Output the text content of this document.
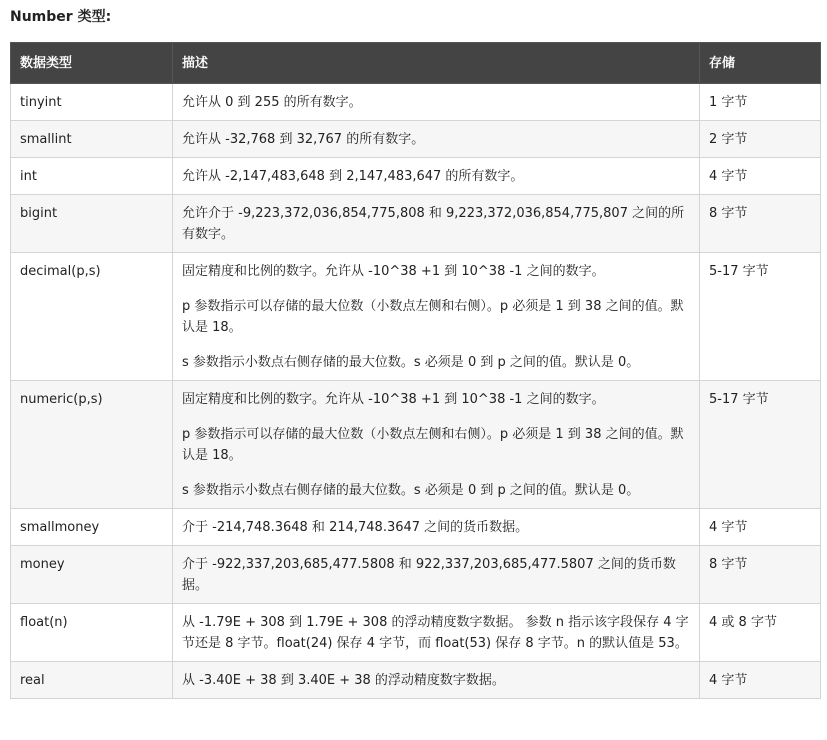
Number 类型:
数据类型	描述	存储
tinyint	允许从 0 到 255 的所有数字。	1 字节
smallint	允许从 -32,768 到 32,767 的所有数字。	2 字节
int	允许从 -2,147,483,648 到 2,147,483,647 的所有数字。	4 字节
bigint	允许介于 -9,223,372,036,854,775,808 和 9,223,372,036,854,775,807 之间的所有数字。	8 字节
decimal(p,s)	固定精度和比例的数字。允许从 -10^38 +1 到 10^38 -1 之间的数字。

p 参数指示可以存储的最大位数（小数点左侧和右侧）。p 必须是 1 到 38 之间的值。默认是 18。

s 参数指示小数点右侧存储的最大位数。s 必须是 0 到 p 之间的值。默认是 0。	5-17 字节
numeric(p,s)	固定精度和比例的数字。允许从 -10^38 +1 到 10^38 -1 之间的数字。

p 参数指示可以存储的最大位数（小数点左侧和右侧）。p 必须是 1 到 38 之间的值。默认是 18。

s 参数指示小数点右侧存储的最大位数。s 必须是 0 到 p 之间的值。默认是 0。	5-17 字节
smallmoney	介于 -214,748.3648 和 214,748.3647 之间的货币数据。	4 字节
money	介于 -922,337,203,685,477.5808 和 922,337,203,685,477.5807 之间的货币数据。	8 字节
float(n)	从 -1.79E + 308 到 1.79E + 308 的浮动精度数字数据。 参数 n 指示该字段保存 4 字节还是 8 字节。float(24) 保存 4 字节，而 float(53) 保存 8 字节。n 的默认值是 53。	4 或 8 字节
real	从 -3.40E + 38 到 3.40E + 38 的浮动精度数字数据。	4 字节
